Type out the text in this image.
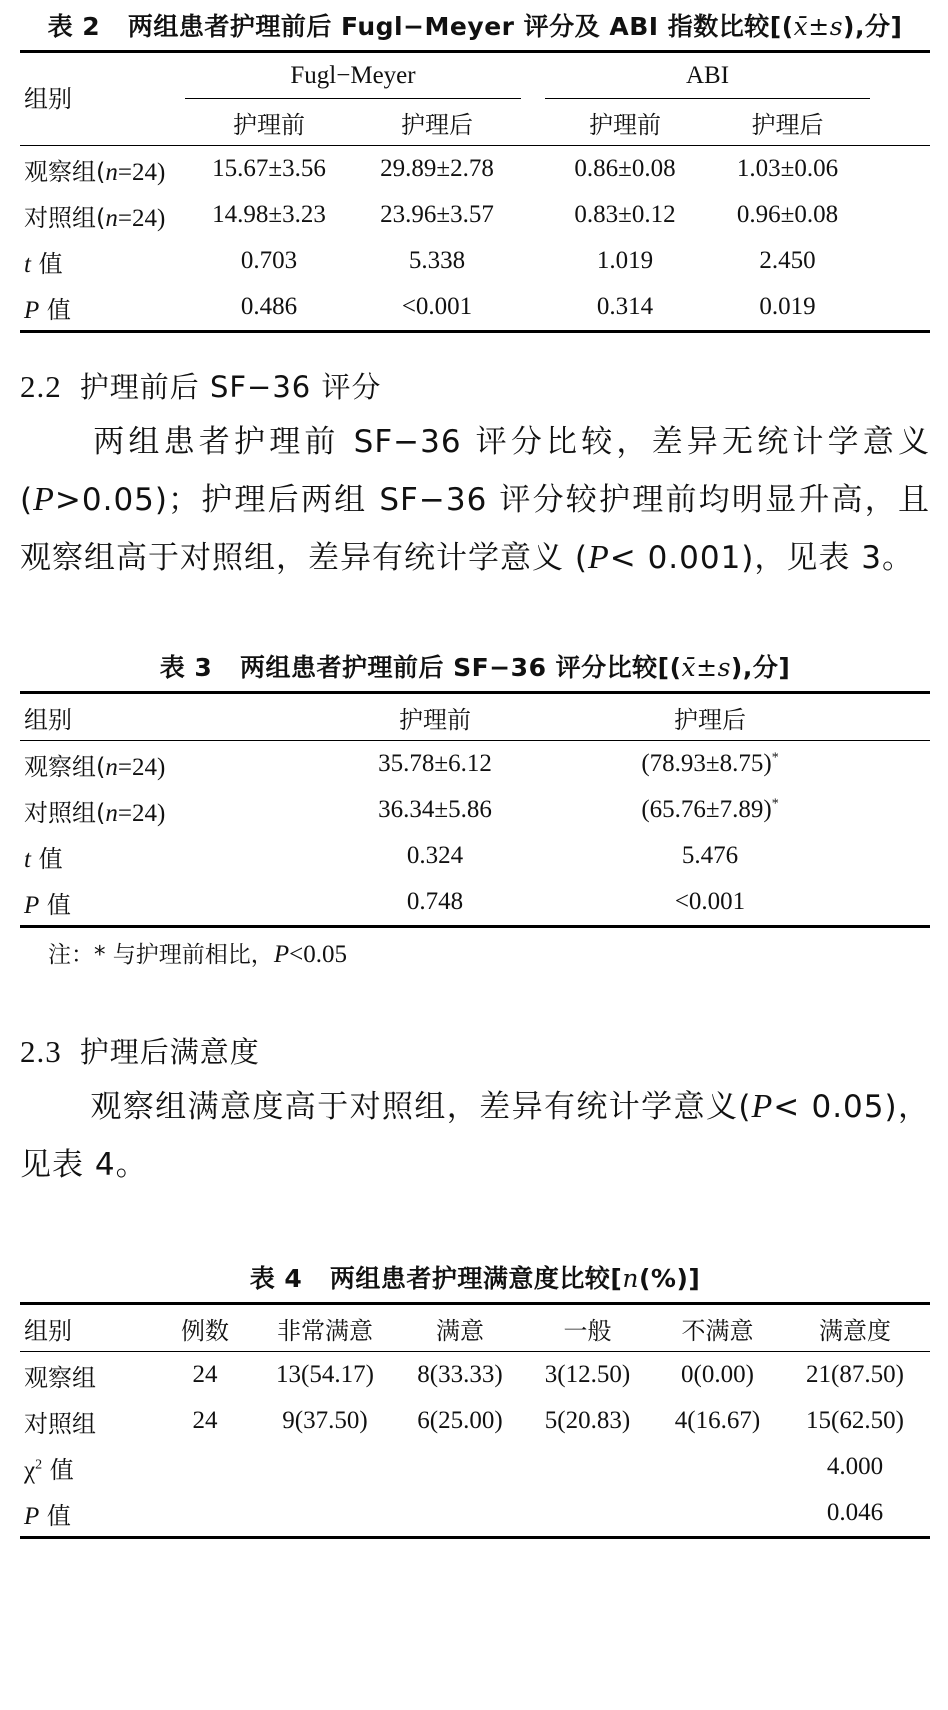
表 2 两组患者护理前后 Fugl−Meyer 评分及 ABI 指数比较[(x̄±s),分]
组别	Fugl−Meyer			ABI	

	护理前	护理后		护理前	护理后	
观察组(n=24)	15.67±3.56	29.89±2.78		0.86±0.08	1.03±0.06	
对照组(n=24)	14.98±3.23	23.96±3.57		0.83±0.12	0.96±0.08	
t 值	0.703	5.338		1.019	2.450	
P 值	0.486	<0.001		0.314	0.019	
2.2 护理前后 SF−36 评分
两组患者护理前 SF−36 评分比较，差异无统计学意义(P>0.05)；护理后两组 SF−36 评分较护理前均明显升高，且观察组高于对照组，差异有统计学意义 (P< 0.001)，见表 3。
表 3 两组患者护理前后 SF−36 评分比较[(x̄±s),分]
组别	护理前	护理后	
观察组(n=24)	35.78±6.12	(78.93±8.75)*	
对照组(n=24)	36.34±5.86	(65.76±7.89)*	
t 值	0.324	5.476	
P 值	0.748	<0.001	
注：* 与护理前相比，P<0.05
2.3 护理后满意度
观察组满意度高于对照组，差异有统计学意义(P< 0.05)，见表 4。
表 4 两组患者护理满意度比较[n(%)]
组别	例数	非常满意	满意	一般	不满意	满意度
观察组	24	13(54.17)	8(33.33)	3(12.50)	0(0.00)	21(87.50)
对照组	24	9(37.50)	6(25.00)	5(20.83)	4(16.67)	15(62.50)
$\chi^2$ 值						4.000
P 值						0.046
